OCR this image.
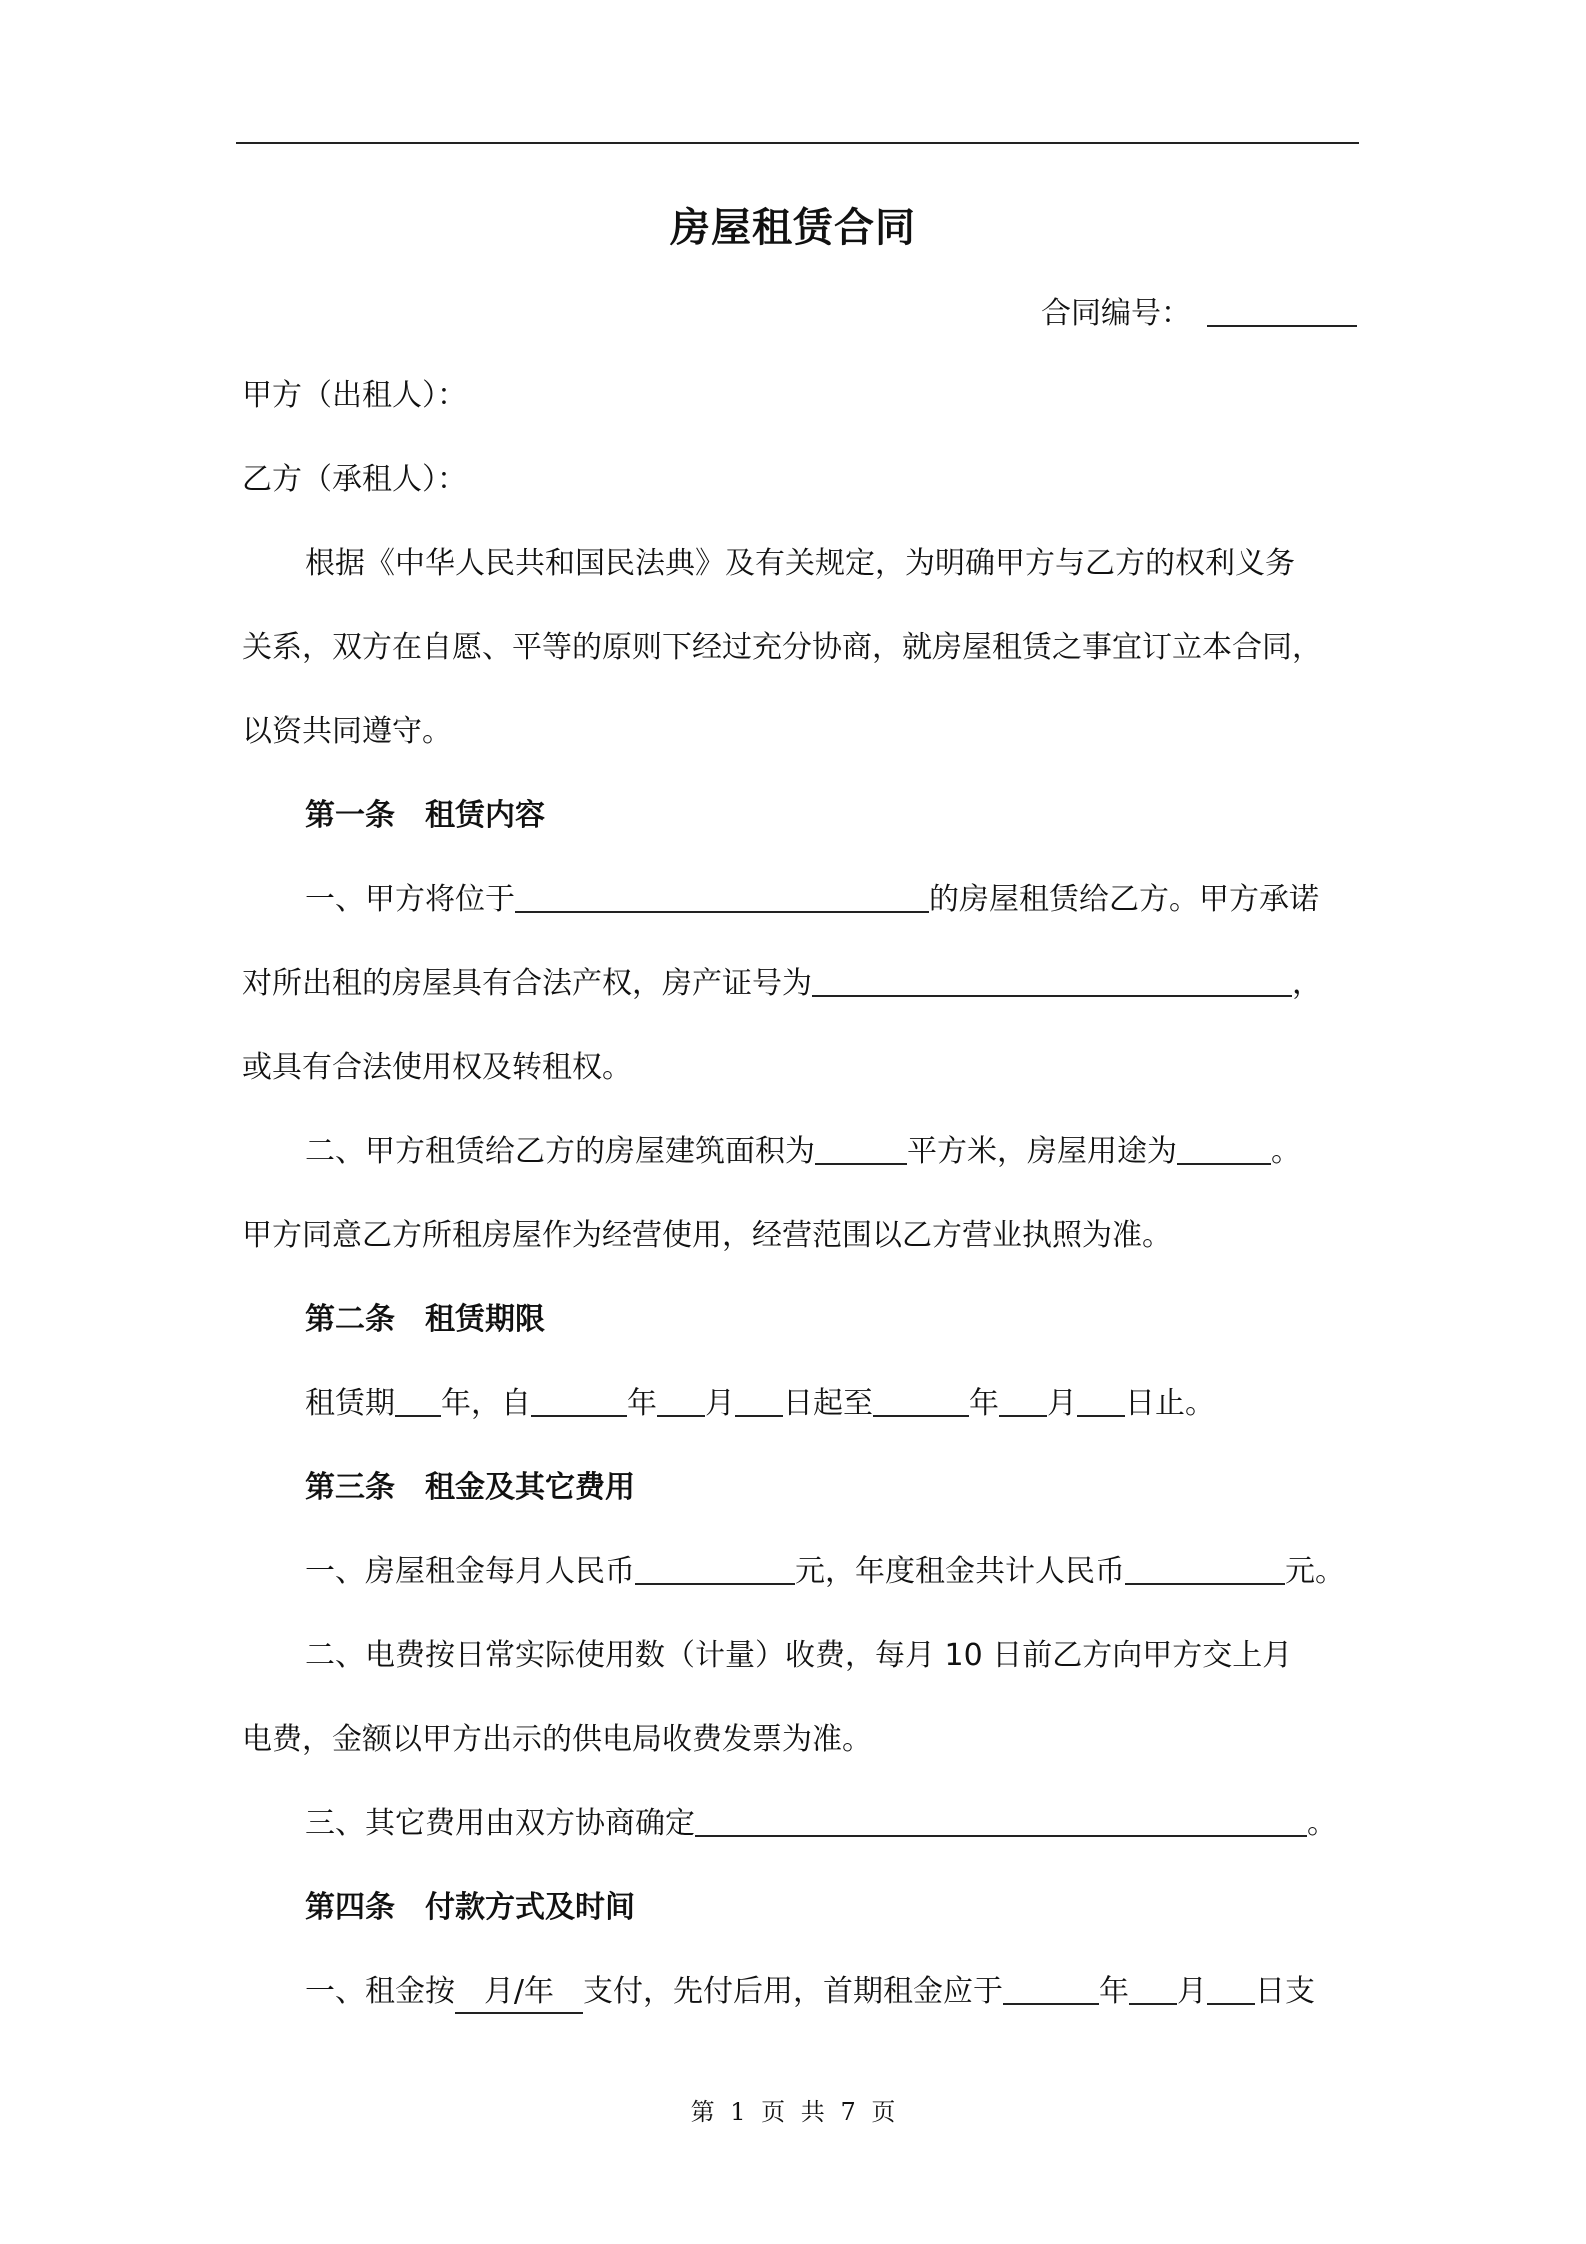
房屋租赁合同
合同编号：
甲方（出租人）：
乙方（承租人）：
根据《中华人民共和国民法典》及有关规定，为明确甲方与乙方的权利义务
关系，双方在自愿、平等的原则下经过充分协商，就房屋租赁之事宜订立本合同，
以资共同遵守。
第一条 租赁内容
一、甲方将位于	的房屋租赁给乙方。甲方承诺
对所出租的房屋具有合法产权，房产证号为	，
或具有合法使用权及转租权。
二、甲方租赁给乙方的房屋建筑面积为	平方米，房屋用途为	。
甲方同意乙方所租房屋作为经营使用，经营范围以乙方营业执照为准。
第二条 租赁期限
租赁期 年，自	年 月 日起至	年 月 日止。
第三条 租金及其它费用
一、房屋租金每月人民币	元，年度租金共计人民币	元。
二、电费按日常实际使用数（计量）收费，每月 10 日前乙方向甲方交上月
电费，金额以甲方出示的供电局收费发票为准。
三、其它费用由双方协商确定	。
第四条 付款方式及时间
一、租金按 月/年 支付，先付后用，首期租金应于	年 月 日支
第 1 页 共 7 页
